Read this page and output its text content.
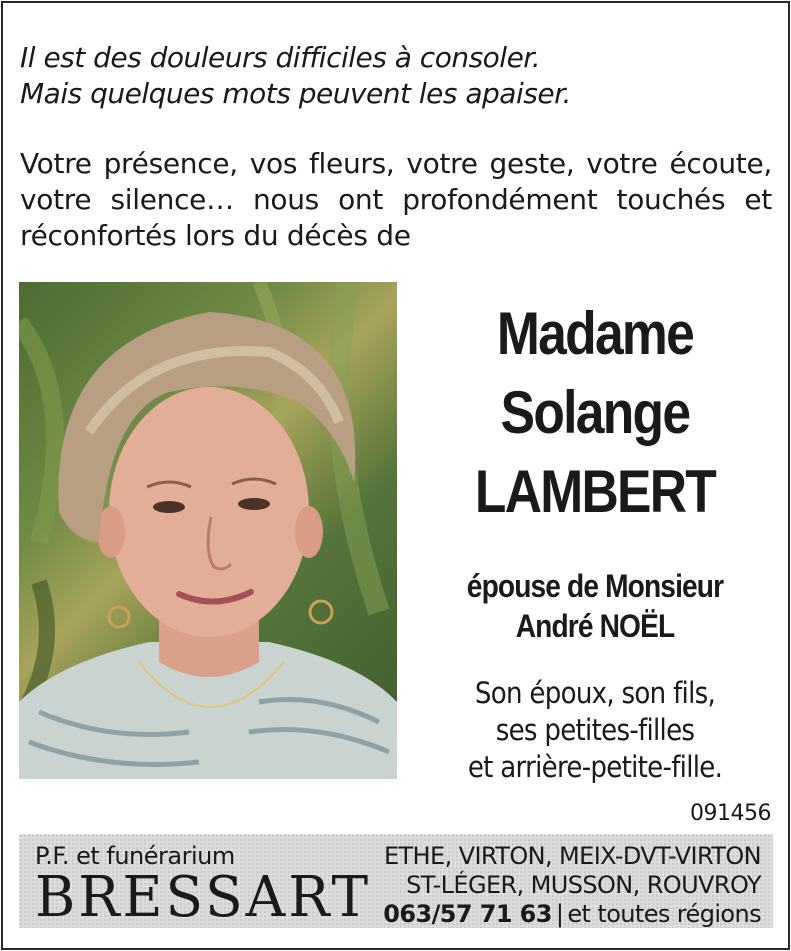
Il est des douleurs difficiles à consoler.
Mais quelques mots peuvent les apaiser.
Votre présence, vos fleurs, votre geste, votre écoute, votre silence… nous ont profondément touchés et réconfortés lors du décès de
Madame
Solange
LAMBERT
épouse de Monsieur
André NOËL
Son époux, son fils,
ses petites-filles
et arrière-petite-fille.
091456
P.F. et funérarium
BRESSART
ETHE, VIRTON, MEIX-DVT-VIRTON
ST-LÉGER, MUSSON, ROUVROY
063/57 71 63 | et toutes régions
